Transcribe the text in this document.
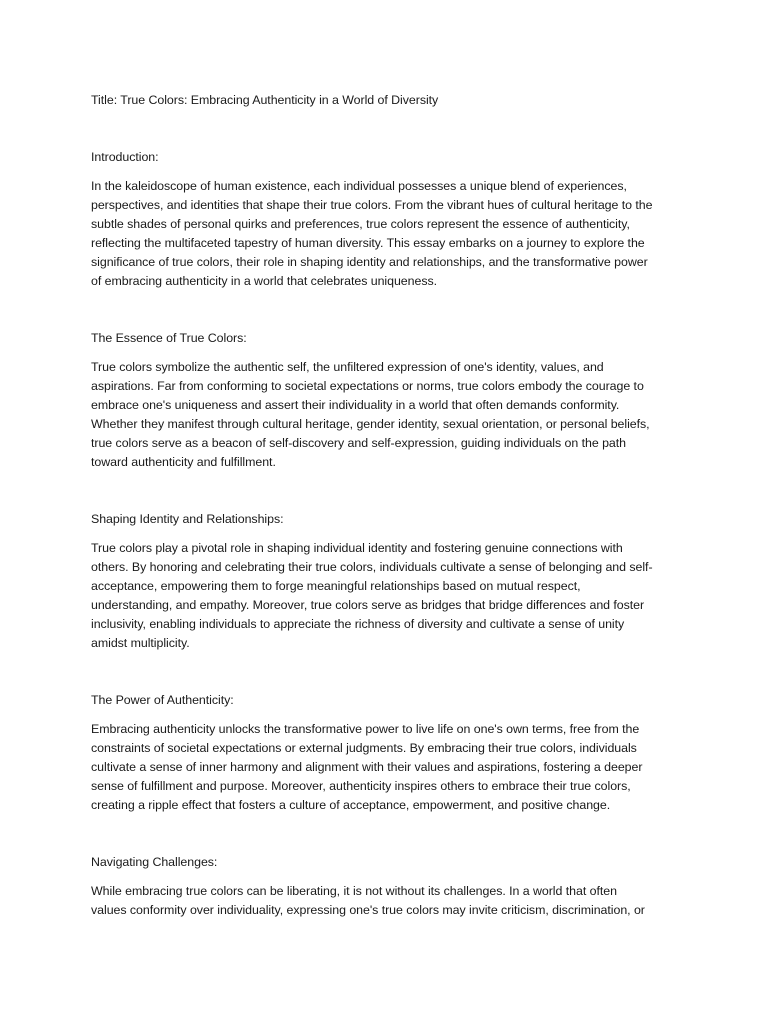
Title: True Colors: Embracing Authenticity in a World of Diversity
Introduction:
In the kaleidoscope of human existence, each individual possesses a unique blend of experiences,
perspectives, and identities that shape their true colors. From the vibrant hues of cultural heritage to the
subtle shades of personal quirks and preferences, true colors represent the essence of authenticity,
reflecting the multifaceted tapestry of human diversity. This essay embarks on a journey to explore the
significance of true colors, their role in shaping identity and relationships, and the transformative power
of embracing authenticity in a world that celebrates uniqueness.
The Essence of True Colors:
True colors symbolize the authentic self, the unfiltered expression of one's identity, values, and
aspirations. Far from conforming to societal expectations or norms, true colors embody the courage to
embrace one's uniqueness and assert their individuality in a world that often demands conformity.
Whether they manifest through cultural heritage, gender identity, sexual orientation, or personal beliefs,
true colors serve as a beacon of self-discovery and self-expression, guiding individuals on the path
toward authenticity and fulfillment.
Shaping Identity and Relationships:
True colors play a pivotal role in shaping individual identity and fostering genuine connections with
others. By honoring and celebrating their true colors, individuals cultivate a sense of belonging and self-
acceptance, empowering them to forge meaningful relationships based on mutual respect,
understanding, and empathy. Moreover, true colors serve as bridges that bridge differences and foster
inclusivity, enabling individuals to appreciate the richness of diversity and cultivate a sense of unity
amidst multiplicity.
The Power of Authenticity:
Embracing authenticity unlocks the transformative power to live life on one's own terms, free from the
constraints of societal expectations or external judgments. By embracing their true colors, individuals
cultivate a sense of inner harmony and alignment with their values and aspirations, fostering a deeper
sense of fulfillment and purpose. Moreover, authenticity inspires others to embrace their true colors,
creating a ripple effect that fosters a culture of acceptance, empowerment, and positive change.
Navigating Challenges:
While embracing true colors can be liberating, it is not without its challenges. In a world that often
values conformity over individuality, expressing one's true colors may invite criticism, discrimination, or
